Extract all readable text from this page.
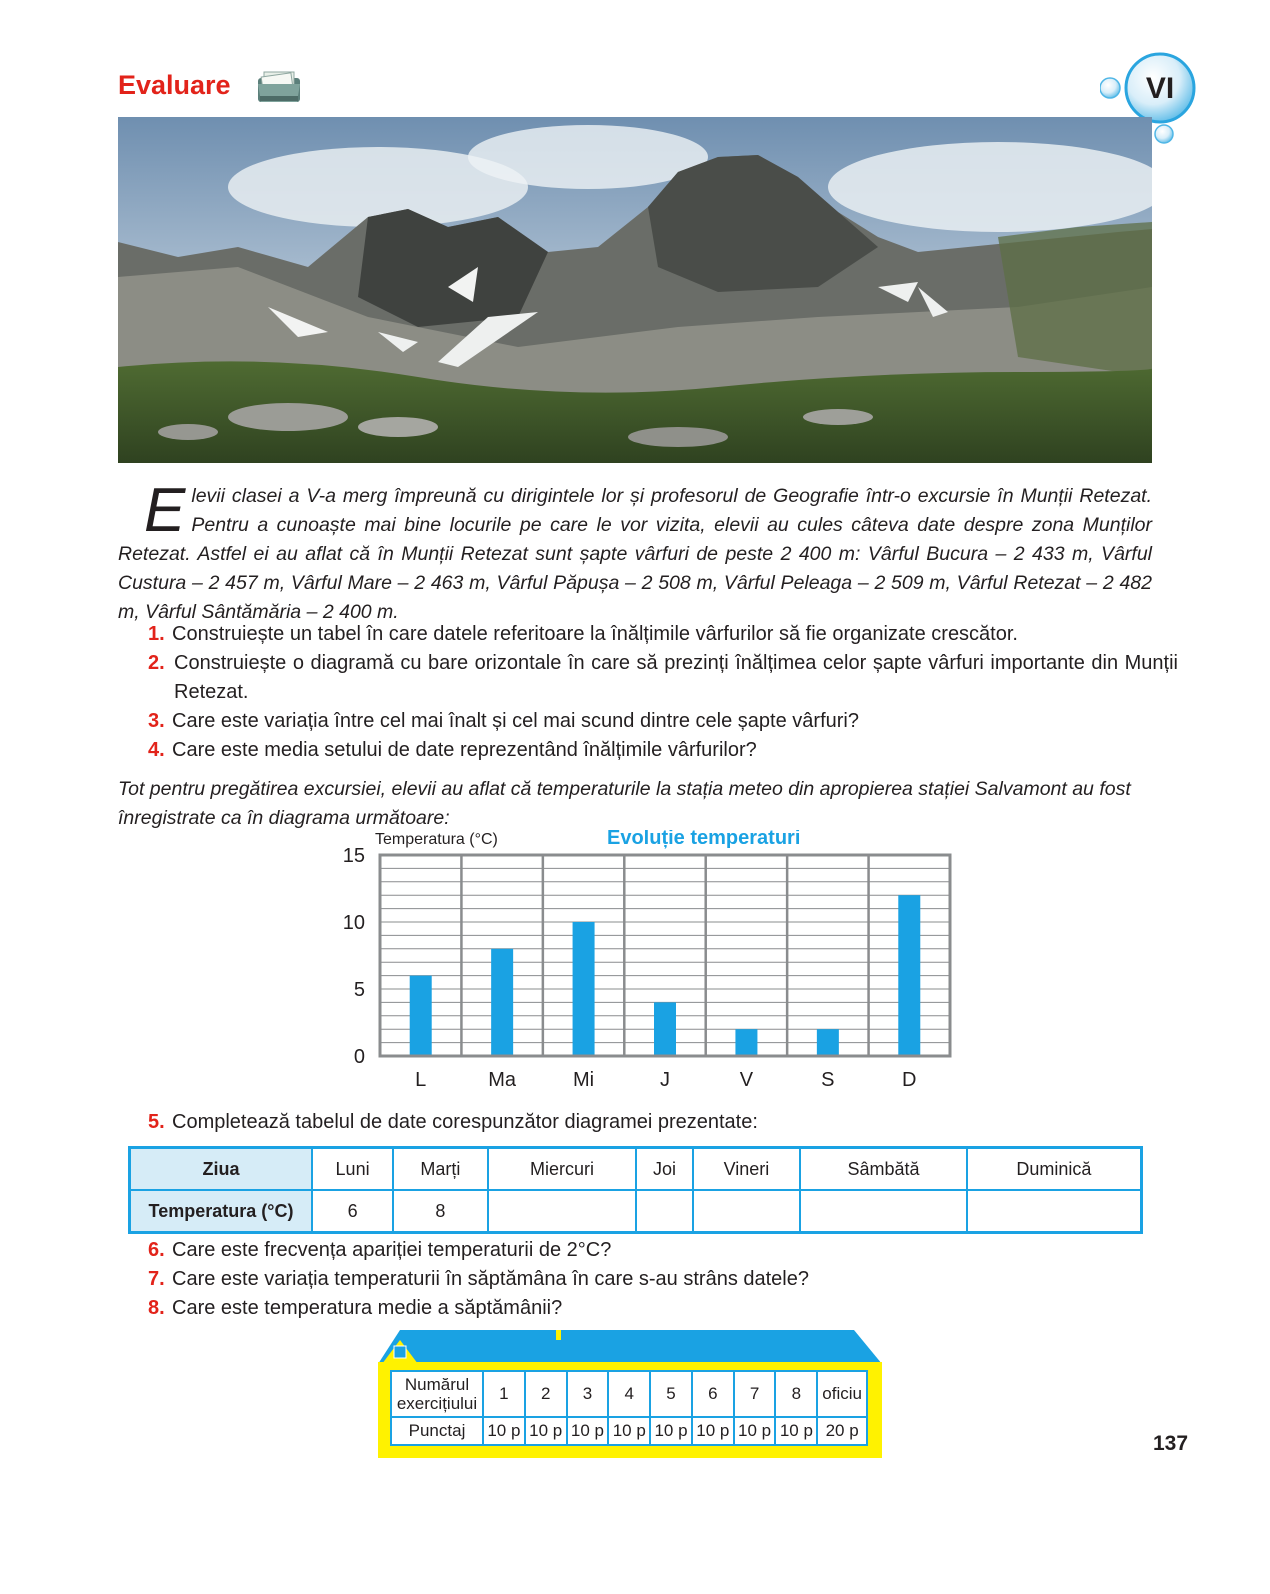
Evaluare	VI
Elevii clasei a V-a merg împreună cu dirigintele lor și profesorul de Geografie într-o excursie în Munții Retezat. Pentru a cunoaște mai bine locurile pe care le vor vizita, elevii au cules câteva date despre zona Munților Retezat. Astfel ei au aflat că în Munții Retezat sunt șapte vârfuri de peste 2 400 m: Vârful Bucura – 2 433 m, Vârful Custura – 2 457 m, Vârful Mare – 2 463 m, Vârful Păpușa – 2 508 m, Vârful Peleaga – 2 509 m, Vârful Retezat – 2 482 m, Vârful Sântămăria – 2 400 m.
1. Construiește un tabel în care datele referitoare la înălțimile vârfurilor să fie organizate crescător.
2. Construiește o diagramă cu bare orizontale în care să prezinți înălțimea celor șapte vârfuri importante din Munții Retezat.
3. Care este variația între cel mai înalt și cel mai scund dintre cele șapte vârfuri?
4. Care este media setului de date reprezentând înălțimile vârfurilor?
Tot pentru pregătirea excursiei, elevii au aflat că temperaturile la stația meteo din apropierea stației Salvamont au fost înregistrate ca în diagrama următoare:
Temperatura (°C)	Evoluție temperaturi
0
5
10
15
L	Ma	Mi	J	V	S	D
5. Completează tabelul de date corespunzător diagramei prezentate:
Ziua	Luni	Marți	Miercuri	Joi	Vineri	Sâmbătă	Duminică
Temperatura (°C)	6	8					
6. Care este frecvența apariției temperaturii de 2°C?
7. Care este variația temperaturii în săptămâna în care s-au strâns datele?
8. Care este temperatura medie a săptămânii?
Numărul exercițiului	1	2	3	4	5	6	7	8	oficiu
Punctaj	10 p	10 p	10 p	10 p	10 p	10 p	10 p	10 p	20 p
137
